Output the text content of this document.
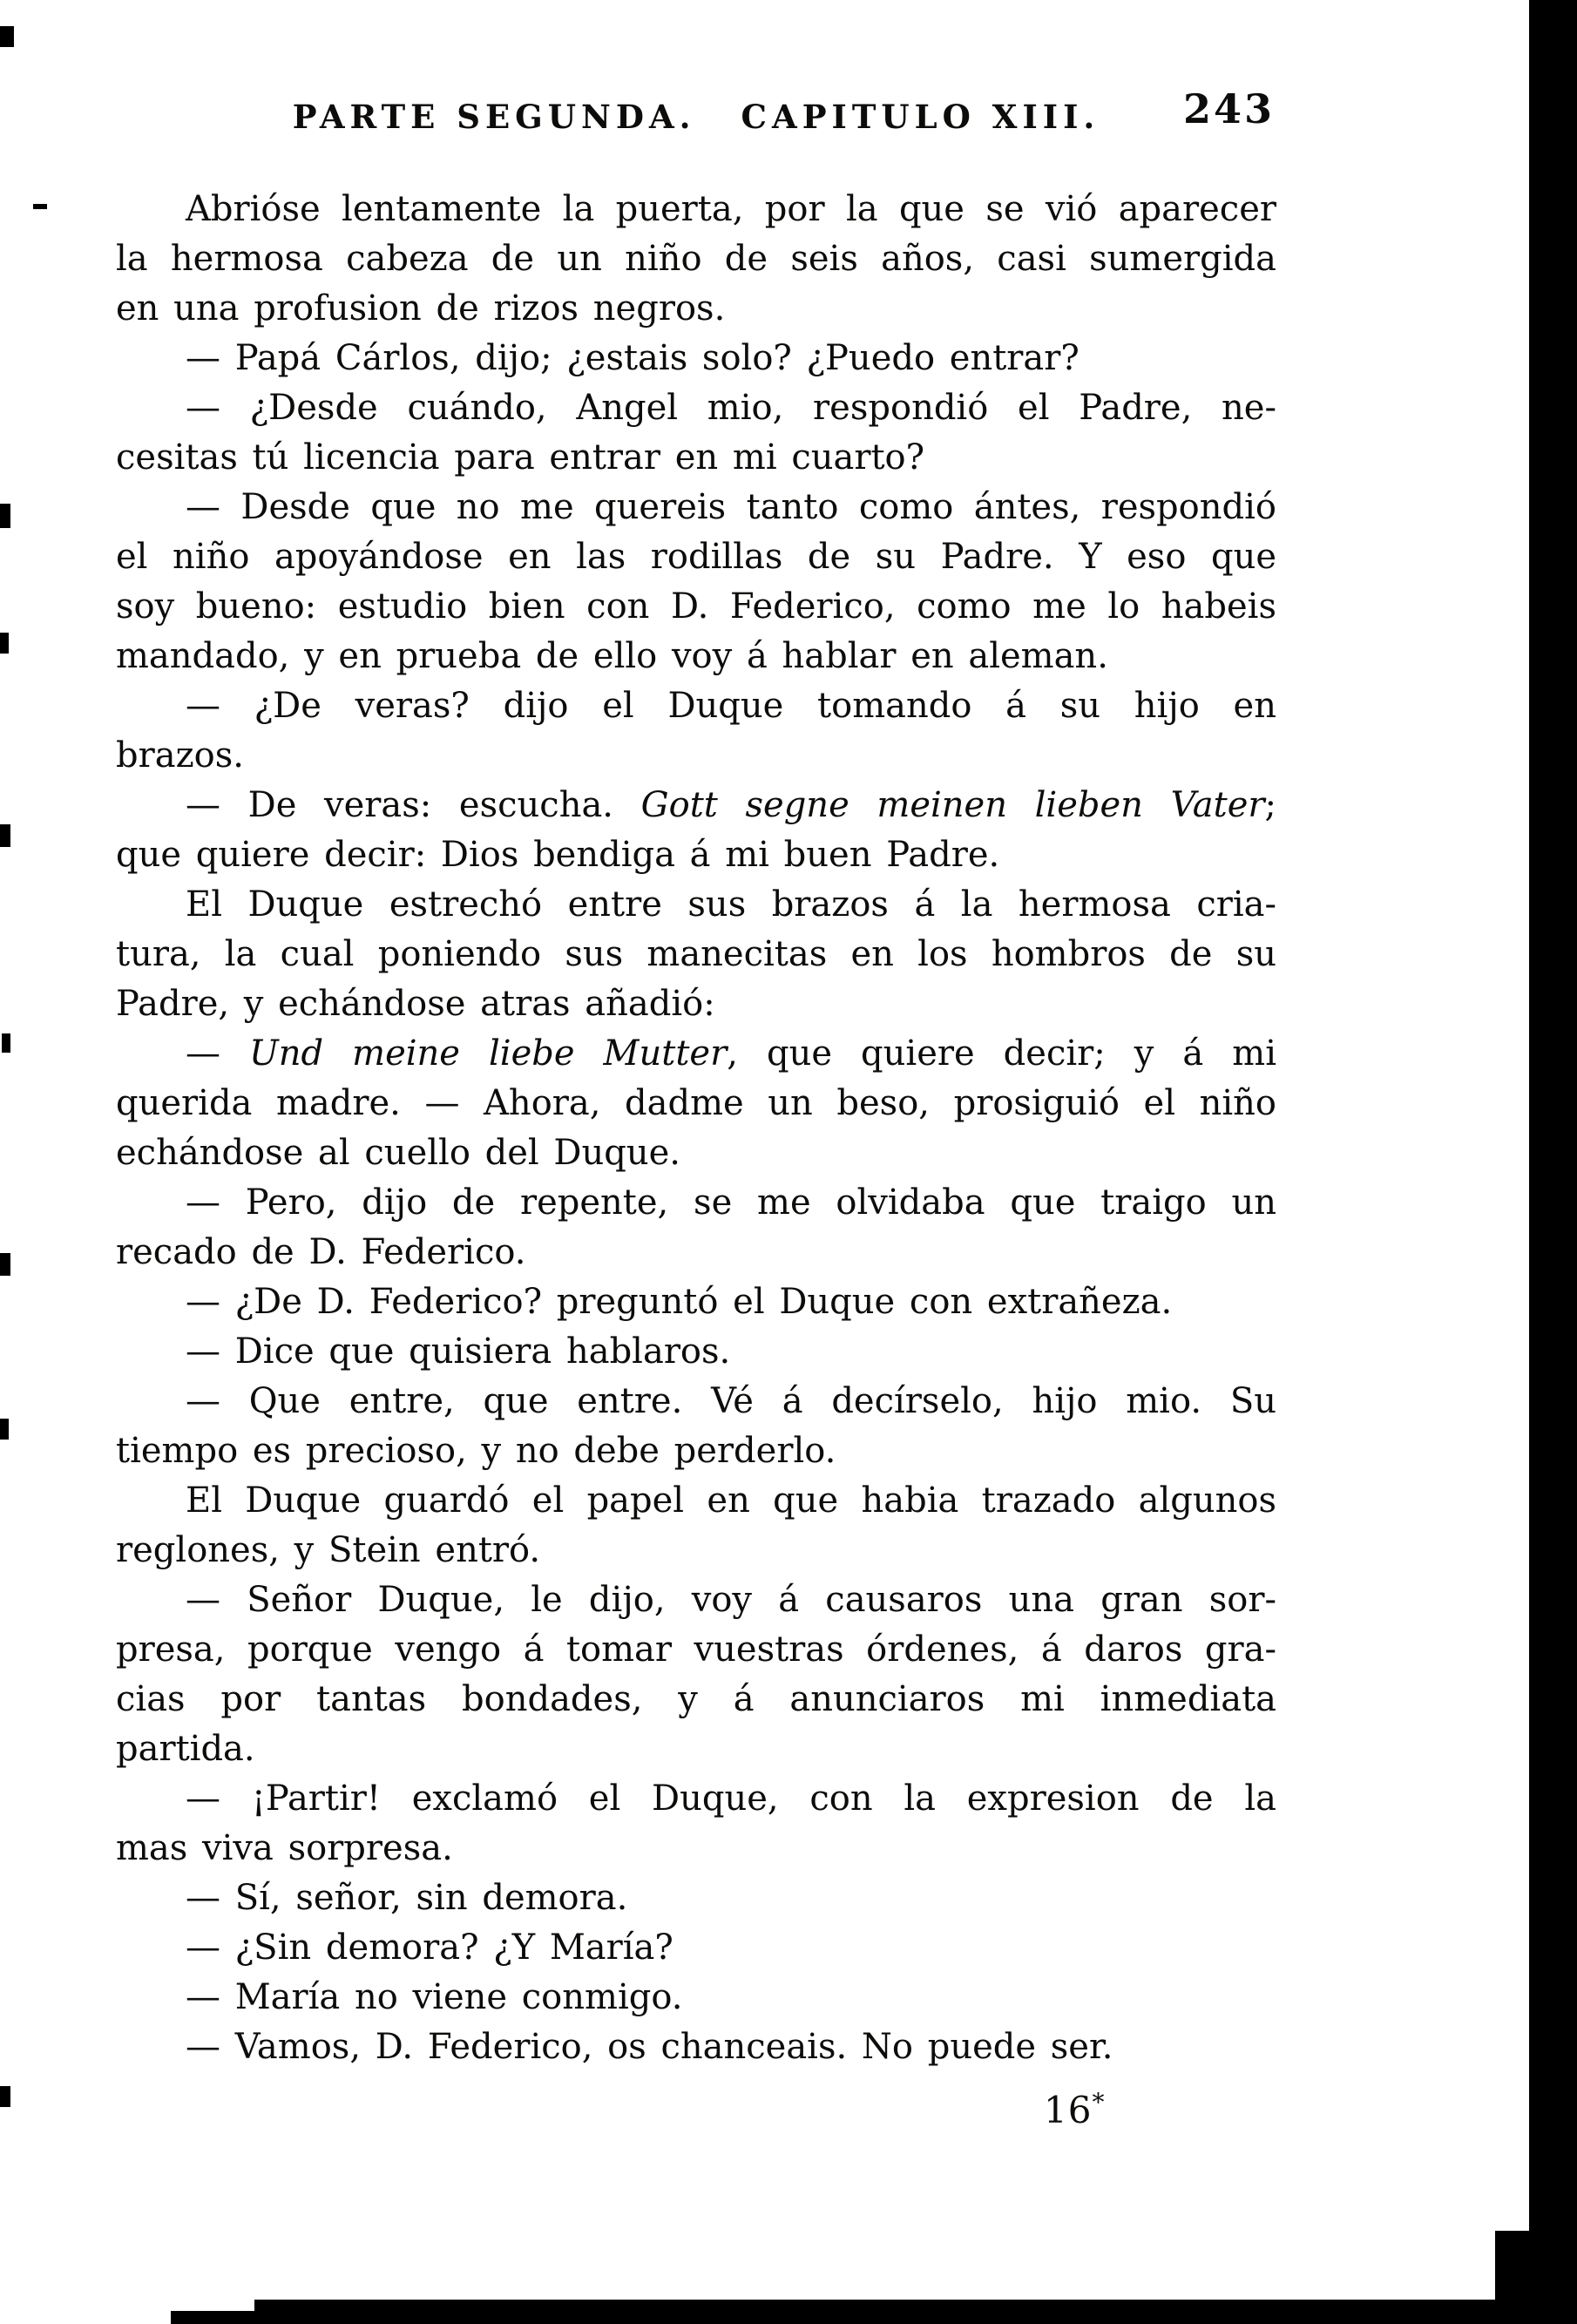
PARTE SEGUNDA. CAPITULO XIII.	243
Abrióse lentamente la puerta, por la que se vió aparecer
la hermosa cabeza de un niño de seis años, casi sumergida
en una profusion de rizos negros.
— Papá Cárlos, dijo; ¿estais solo? ¿Puedo entrar?
— ¿Desde cuándo, Angel mio, respondió el Padre, ne-
cesitas tú licencia para entrar en mi cuarto?
— Desde que no me quereis tanto como ántes, respondió
el niño apoyándose en las rodillas de su Padre. Y eso que
soy bueno: estudio bien con D. Federico, como me lo habeis
mandado, y en prueba de ello voy á hablar en aleman.
— ¿De veras? dijo el Duque tomando á su hijo en
brazos.
— De veras: escucha. Gott segne meinen lieben Vater;
que quiere decir: Dios bendiga á mi buen Padre.
El Duque estrechó entre sus brazos á la hermosa cria-
tura, la cual poniendo sus manecitas en los hombros de su
Padre, y echándose atras añadió:
— Und meine liebe Mutter, que quiere decir; y á mi
querida madre. — Ahora, dadme un beso, prosiguió el niño
echándose al cuello del Duque.
— Pero, dijo de repente, se me olvidaba que traigo un
recado de D. Federico.
— ¿De D. Federico? preguntó el Duque con extrañeza.
— Dice que quisiera hablaros.
— Que entre, que entre. Vé á decírselo, hijo mio. Su
tiempo es precioso, y no debe perderlo.
El Duque guardó el papel en que habia trazado algunos
reglones, y Stein entró.
— Señor Duque, le dijo, voy á causaros una gran sor-
presa, porque vengo á tomar vuestras órdenes, á daros gra-
cias por tantas bondades, y á anunciaros mi inmediata
partida.
— ¡Partir! exclamó el Duque, con la expresion de la
mas viva sorpresa.
— Sí, señor, sin demora.
— ¿Sin demora? ¿Y María?
— María no viene conmigo.
— Vamos, D. Federico, os chanceais. No puede ser.
16*
